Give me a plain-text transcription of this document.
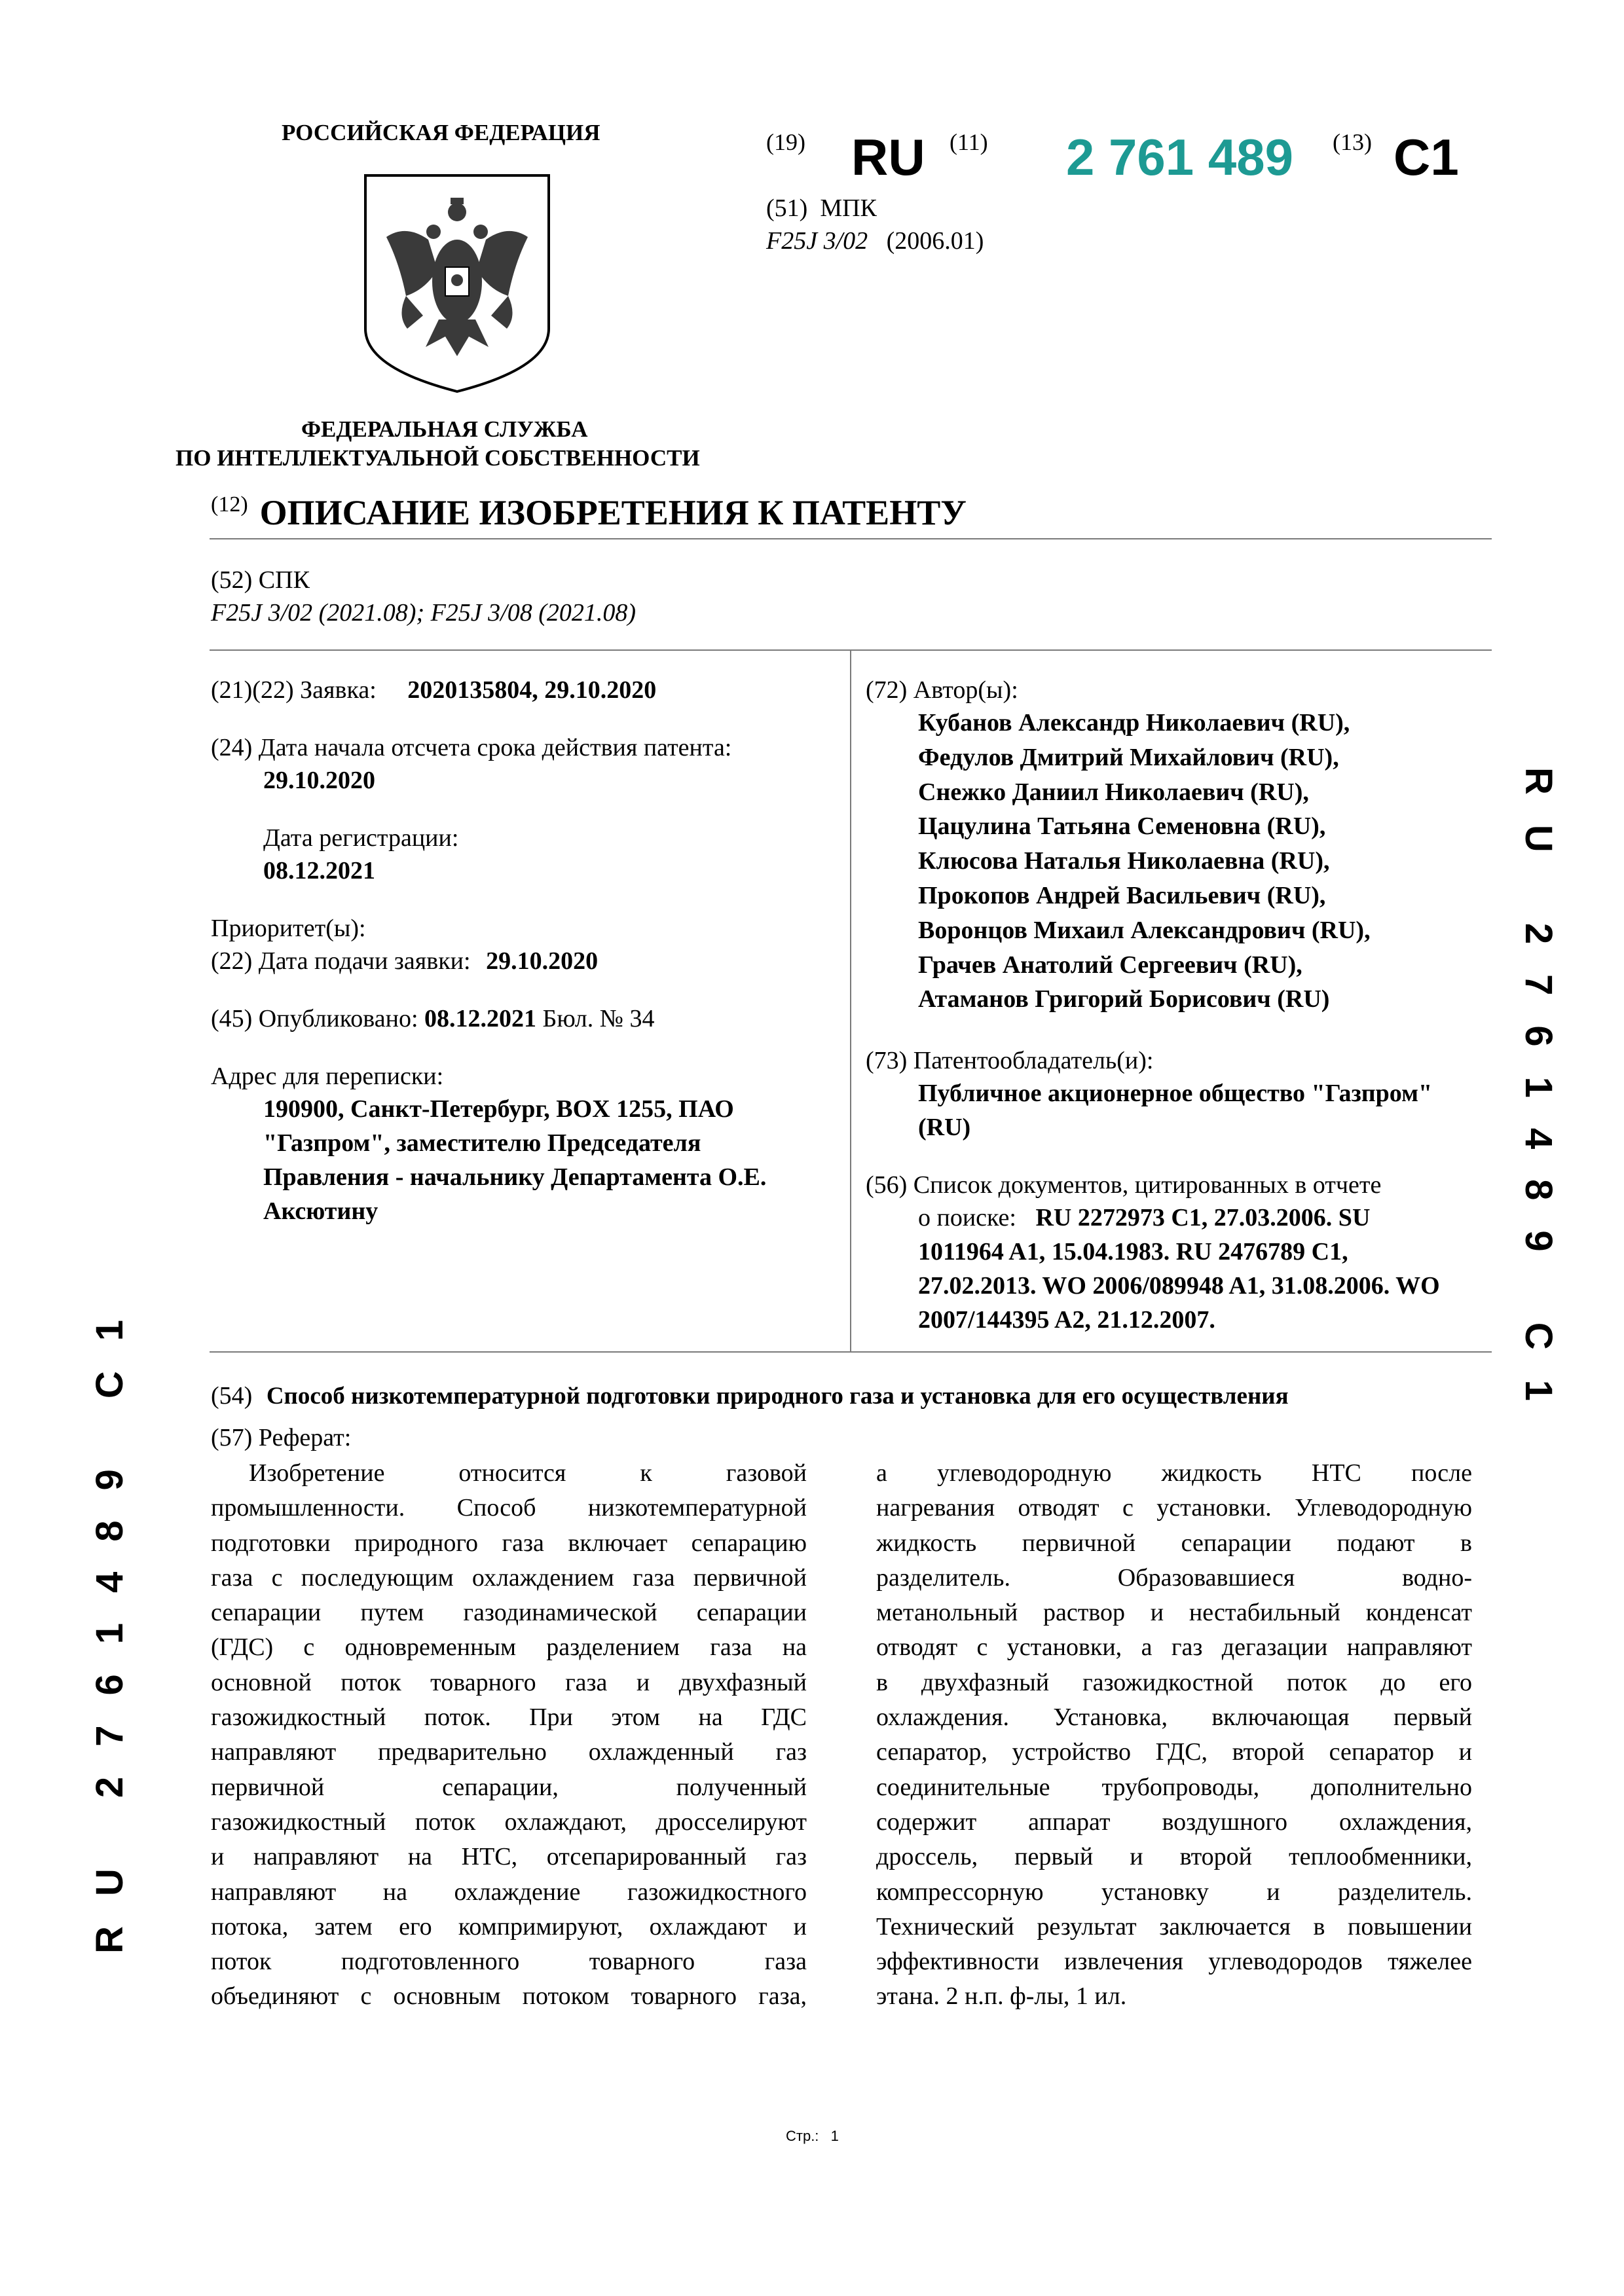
РОССИЙСКАЯ ФЕДЕРАЦИЯ
ФЕДЕРАЛЬНАЯ СЛУЖБА
ПО ИНТЕЛЛЕКТУАЛЬНОЙ СОБСТВЕННОСТИ
(19) RU (11) 2 761 489 (13) C1
(51) МПК
F25J 3/02 (2006.01)
(12) ОПИСАНИЕ ИЗОБРЕТЕНИЯ К ПАТЕНТУ
(52) СПК
F25J 3/02 (2021.08); F25J 3/08 (2021.08)
(21)(22) Заявка: 2020135804, 29.10.2020
(24) Дата начала отсчета срока действия патента:
29.10.2020
Дата регистрации:
08.12.2021
Приоритет(ы):
(22) Дата подачи заявки: 29.10.2020
(45) Опубликовано: 08.12.2021 Бюл. № 34
Адрес для переписки:
190900, Санкт-Петербург, BOX 1255, ПАО
"Газпром", заместителю Председателя
Правления - начальнику Департамента О.Е.
Аксютину
(72) Автор(ы):
Кубанов Александр Николаевич (RU),
Федулов Дмитрий Михайлович (RU),
Снежко Даниил Николаевич (RU),
Цацулина Татьяна Семеновна (RU),
Клюсова Наталья Николаевна (RU),
Прокопов Андрей Васильевич (RU),
Воронцов Михаил Александрович (RU),
Грачев Анатолий Сергеевич (RU),
Атаманов Григорий Борисович (RU)
(73) Патентообладатель(и):
Публичное акционерное общество "Газпром"
(RU)
(56) Список документов, цитированных в отчете
о поиске: RU 2272973 C1, 27.03.2006. SU
1011964 A1, 15.04.1983. RU 2476789 C1,
27.02.2013. WO 2006/089948 A1, 31.08.2006. WO
2007/144395 A2, 21.12.2007.
(54) Способ низкотемпературной подготовки природного газа и установка для его осуществления
(57) Реферат:
Изобретение относится к газовой
промышленности. Способ низкотемпературной
подготовки природного газа включает сепарацию
газа с последующим охлаждением газа первичной
сепарации путем газодинамической сепарации
(ГДС) с одновременным разделением газа на
основной поток товарного газа и двухфазный
газожидкостный поток. При этом на ГДС
направляют предварительно охлажденный газ
первичной сепарации, полученный
газожидкостный поток охлаждают, дросселируют
и направляют на НТС, отсепарированный газ
направляют на охлаждение газожидкостного
потока, затем его компримируют, охлаждают и
поток подготовленного товарного газа
объединяют с основным потоком товарного газа,
а углеводородную жидкость НТС после
нагревания отводят с установки. Углеводородную
жидкость первичной сепарации подают в
разделитель. Образовавшиеся водно-
метанольный раствор и нестабильный конденсат
отводят с установки, а газ дегазации направляют
в двухфазный газожидкостной поток до его
охлаждения. Установка, включающая первый
сепаратор, устройство ГДС, второй сепаратор и
соединительные трубопроводы, дополнительно
содержит аппарат воздушного охлаждения,
дроссель, первый и второй теплообменники,
компрессорную установку и разделитель.
Технический результат заключается в повышении
эффективности извлечения углеводородов тяжелее
этана. 2 н.п. ф-лы, 1 ил.
RU 2761489 C1
RU 2761489 C1
Стр.: 1
